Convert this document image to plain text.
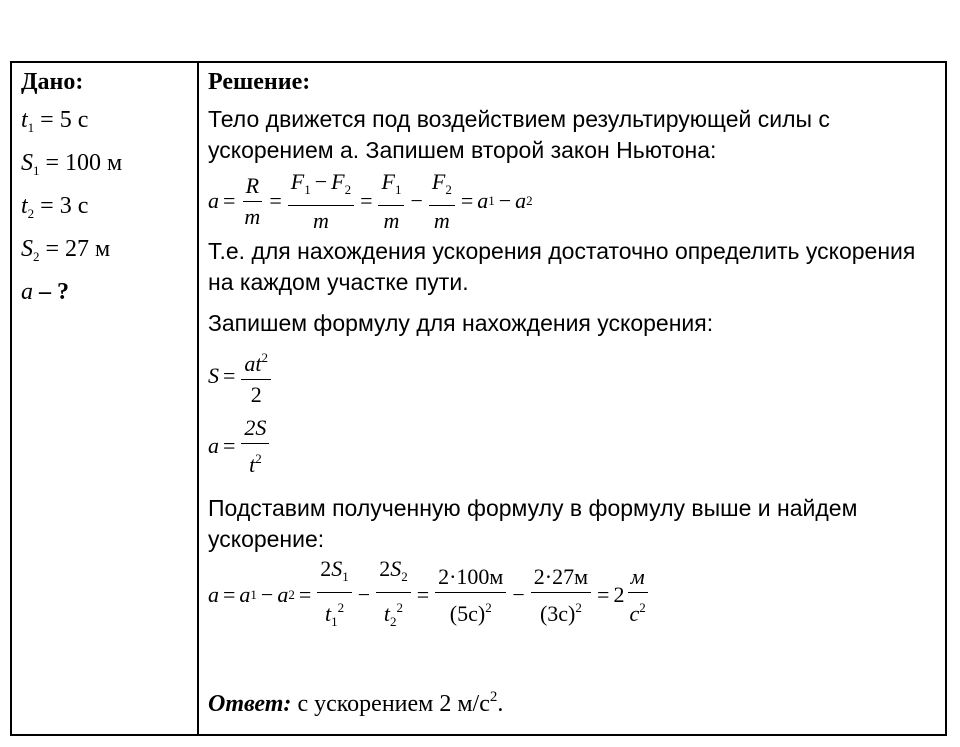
Дано:
$t_1 = 5$ с
$S_1 = 100$ м
$t_2 = 3$ с
$S_2 = 27$ м
a – ?
Решение:

Тело движется под воздействием результирующей силы с ускорением а. Запишем второй закон Ньютона:

$a = \frac{R}{m} = \frac{F_1 - F_2}{m} = \frac{F_1}{m} - \frac{F_2}{m} = a$ 1 − a 2

Т.е. для нахождения ускорения достаточно определить ускорения на каждом участке пути.

Запишем формулу для нахождения ускорения:

$S = \frac{at^2}{2}$
$a = \frac{2S}{t^2}$

Подставим полученную формулу в формулу выше и найдем ускорение:

a = a 1 − a $2 = \frac{2S_1}{t_1^2} - \frac{2S_2}{t_2^2} = \frac{2\cdot 100м}{(5с)^2} - \frac{2\cdot 27м}{(3с)^2} = 2 \frac{м}{с^2}$
Ответ: с ускорением 2 $м/с^2$.
